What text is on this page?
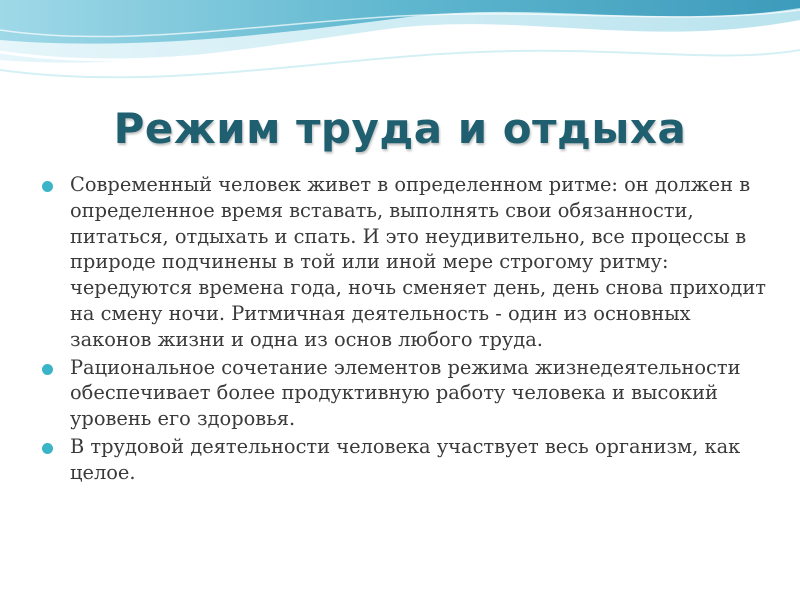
Режим труда и отдыха
Современный человек живет в определенном ритме: он должен в определенное время вставать, выполнять свои обязанности, питаться, отдыхать и спать. И это неудивительно, все процессы в природе подчинены в той или иной мере строгому ритму: чередуются времена года, ночь сменяет день, день снова приходит на смену ночи. Ритмичная деятельность - один из основных законов жизни и одна из основ любого труда.
Рациональное сочетание элементов режима жизнедеятельности обеспечивает более продуктивную работу человека и высокий уровень его здоровья.
В трудовой деятельности человека участвует весь организм, как целое.
